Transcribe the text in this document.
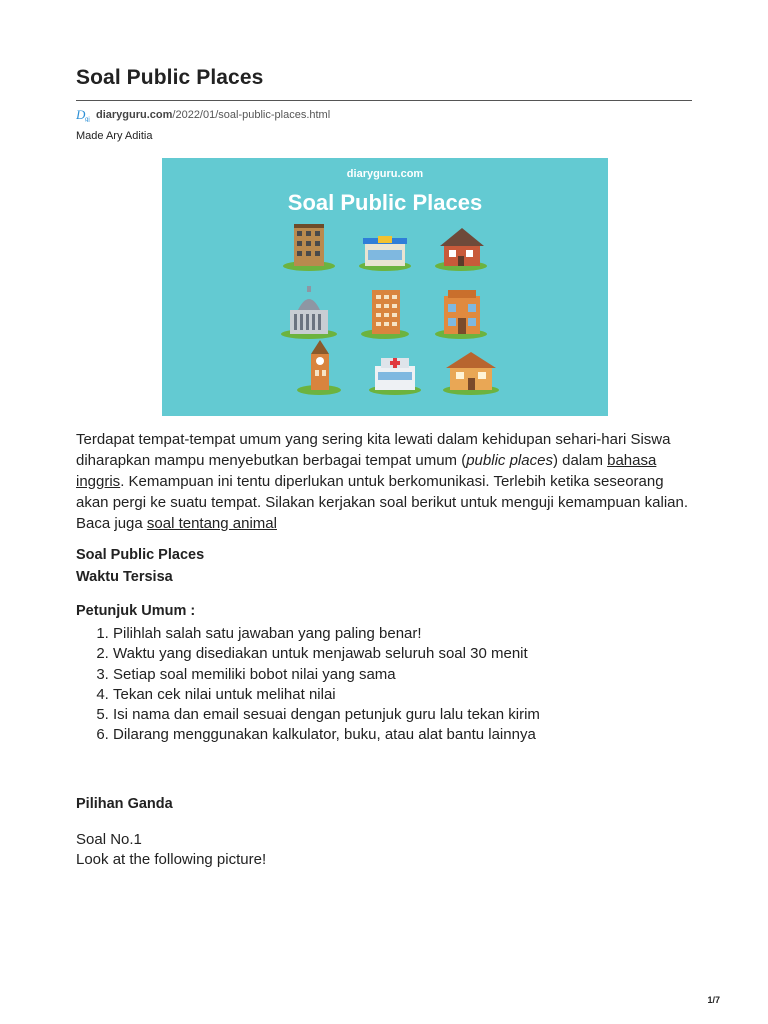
Soal Public Places
D gj diaryguru.com/2022/01/soal-public-places.html
Made Ary Aditia
diaryguru.com
Soal Public Places

Terdapat tempat-tempat umum yang sering kita lewati dalam kehidupan sehari-hari Siswa diharapkan mampu menyebutkan berbagai tempat umum (public places) dalam bahasa inggris. Kemampuan ini tentu diperlukan untuk berkomunikasi. Terlebih ketika seseorang akan pergi ke suatu tempat. Silakan kerjakan soal berikut untuk menguji kemampuan kalian. Baca juga soal tentang animal

Soal Public Places
Waktu Tersisa
Petunjuk Umum :
1. Pilihlah salah satu jawaban yang paling benar!
2. Waktu yang disediakan untuk menjawab seluruh soal 30 menit
3. Setiap soal memiliki bobot nilai yang sama
4. Tekan cek nilai untuk melihat nilai
5. Isi nama dan email sesuai dengan petunjuk guru lalu tekan kirim
6. Dilarang menggunakan kalkulator, buku, atau alat bantu lainnya
Pilihan Ganda
Soal No.1
Look at the following picture!
1/7
